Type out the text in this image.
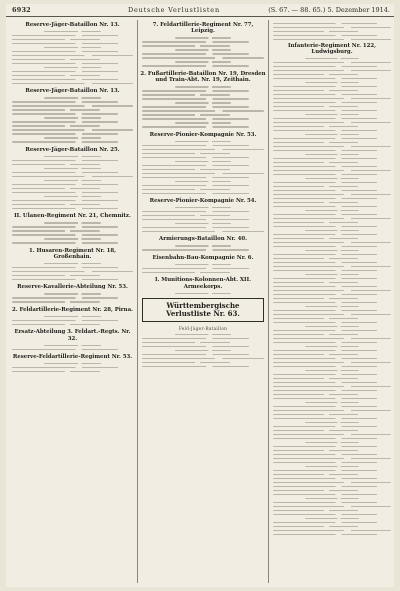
6932	Deutsche Verlustlisten	(S. 67. — 88. 65.) 5. Dezember 1914.
Reserve-Jäger-Bataillon Nr. 13.
Reserve-Jäger-Bataillon Nr. 13.
Reserve-Jäger-Bataillon Nr. 25.
II. Ulanen-Regiment Nr. 21, Chemnitz.
1. Husaren-Regiment Nr. 18, Großenhain.
Reserve-Kavallerie-Abteilung Nr. 53.
2. Feldartillerie-Regiment Nr. 28, Pirna.
Ersatz-Abteilung 3. Feldart.-Regts. Nr. 32.
Reserve-Feldartillerie-Regiment Nr. 53.
7. Feldartillerie-Regiment Nr. 77, Leipzig.
2. Fußartillerie-Bataillon Nr. 19, Dresden und Train-Abt. Nr. 19, Zeithain.
Reserve-Pionier-Kompagnie Nr. 53.
Reserve-Pionier-Kompagnie Nr. 54.
Armierungs-Bataillon Nr. 40.
Eisenbahn-Bau-Kompagnie Nr. 6.
I. Munitions-Kolonnen-Abt. XII. Armeekorps.
Württembergische Verlustliste Nr. 63.
Feld-Jäger-Bataillon
Infanterie-Regiment Nr. 122, Ludwigsburg.
